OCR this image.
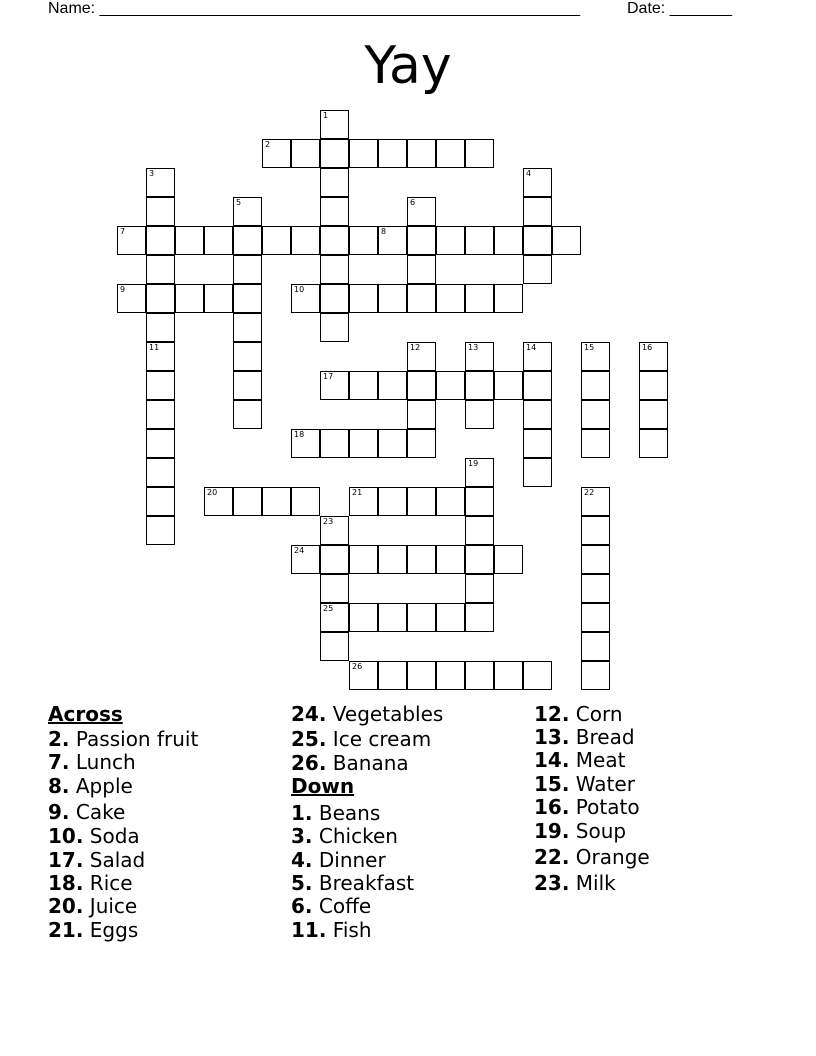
Name: ______________________________________________________	Date: _______
Yay
1
2
3
11
4
5	6
7	8
9	10
12	13	14	15	16
17
18
19
20	21	22
23
25
24
26
Across
2. Passion fruit
7. Lunch
8. Apple
9. Cake
10. Soda
17. Salad
18. Rice
20. Juice
21. Eggs
24. Vegetables
25. Ice cream
26. Banana
Down
1. Beans
3. Chicken
4. Dinner
5. Breakfast
6. Coffe
11. Fish
12. Corn
13. Bread
14. Meat
15. Water
16. Potato
19. Soup
22. Orange
23. Milk
